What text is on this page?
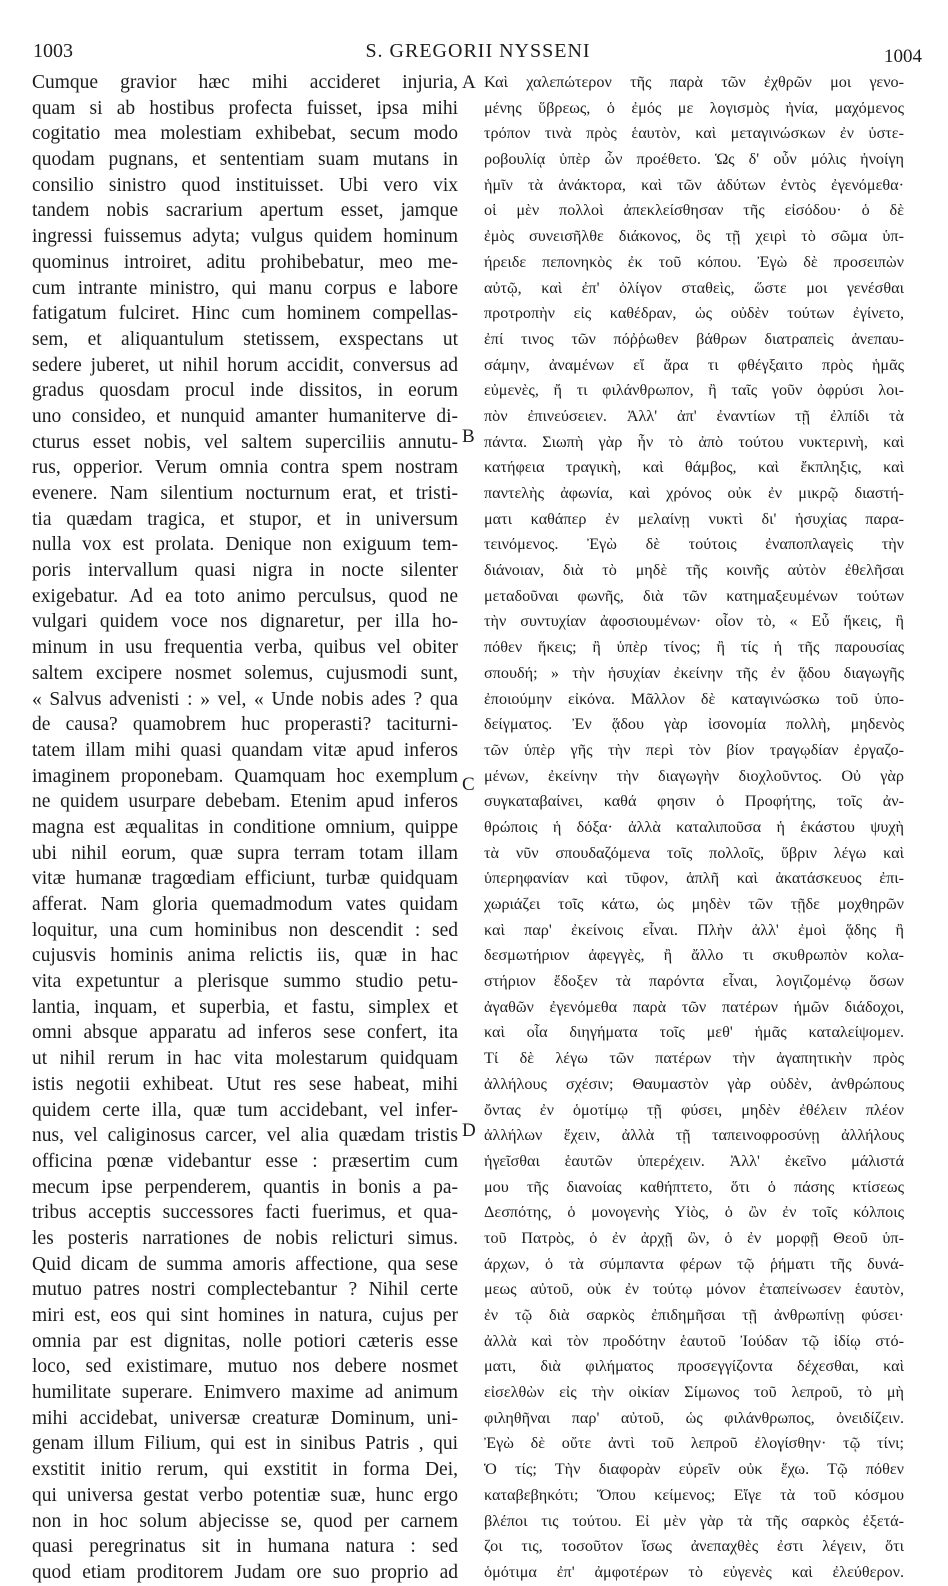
1003	S. GREGORII NYSSENI	1004
Cumque gravior hæc mihi accideret injuria,
quam si ab hostibus profecta fuisset, ipsa mihi
cogitatio mea molestiam exhibebat, secum modo
quodam pugnans, et sententiam suam mutans in
consilio sinistro quod instituisset. Ubi vero vix
tandem nobis sacrarium apertum esset, jamque
ingressi fuissemus adyta; vulgus quidem hominum
quominus introiret, aditu prohibebatur, meo me-
cum intrante ministro, qui manu corpus e labore
fatigatum fulciret. Hinc cum hominem compellas-
sem, et aliquantulum stetissem, exspectans ut
sedere juberet, ut nihil horum accidit, conversus ad
gradus quosdam procul inde dissitos, in eorum
uno consideo, et nunquid amanter humaniterve di-
cturus esset nobis, vel saltem superciliis annutu-
rus, opperior. Verum omnia contra spem nostram
evenere. Nam silentium nocturnum erat, et tristi-
tia quædam tragica, et stupor, et in universum
nulla vox est prolata. Denique non exiguum tem-
poris intervallum quasi nigra in nocte silenter
exigebatur. Ad ea toto animo perculsus, quod ne
vulgari quidem voce nos dignaretur, per illa ho-
minum in usu frequentia verba, quibus vel obiter
saltem excipere nosmet solemus, cujusmodi sunt,
« Salvus advenisti : » vel, « Unde nobis ades ? qua
de causa? quamobrem huc properasti? taciturni-
tatem illam mihi quasi quandam vitæ apud inferos
imaginem proponebam. Quamquam hoc exemplum
ne quidem usurpare debebam. Etenim apud inferos
magna est æqualitas in conditione omnium, quippe
ubi nihil eorum, quæ supra terram totam illam
vitæ humanæ tragœdiam efficiunt, turbæ quidquam
afferat. Nam gloria quemadmodum vates quidam
loquitur, una cum hominibus non descendit : sed
cujusvis hominis anima relictis iis, quæ in hac
vita expetuntur a plerisque summo studio petu-
lantia, inquam, et superbia, et fastu, simplex et
omni absque apparatu ad inferos sese confert, ita
ut nihil rerum in hac vita molestarum quidquam
istis negotii exhibeat. Utut res sese habeat, mihi
quidem certe illa, quæ tum accidebant, vel infer-
nus, vel caliginosus carcer, vel alia quædam tristis
officina pœnæ videbantur esse : præsertim cum
mecum ipse perpenderem, quantis in bonis a pa-
tribus acceptis successores facti fuerimus, et qua-
les posteris narrationes de nobis relicturi simus.
Quid dicam de summa amoris affectione, qua sese
mutuo patres nostri complectebantur ? Nihil certe
miri est, eos qui sint homines in natura, cujus per
omnia par est dignitas, nolle potiori cæteris esse
loco, sed existimare, mutuo nos debere nosmet
humilitate superare. Enimvero maxime ad animum
mihi accidebat, universæ creaturæ Dominum, uni-
genam illum Filium, qui est in sinibus Patris , qui
exstitit initio rerum, qui exstitit in forma Dei,
qui universa gestat verbo potentiæ suæ, hunc ergo
non in hoc solum abjecisse se, quod per carnem
quasi peregrinatus sit in humana natura : sed
quod etiam proditorem Judam ore suo proprio ad
Καὶ χαλεπώτερον τῆς παρὰ τῶν ἐχθρῶν μοι γενο-
μένης ὕβρεως, ὁ ἐμός με λογισμὸς ἠνία, μαχόμενος
τρόπον τινὰ πρὸς ἑαυτὸν, καὶ μεταγινώσκων ἐν ὑστε-
ροβουλίᾳ ὑπὲρ ὧν προέθετο. Ὡς δ' οὖν μόλις ἠνοίγη
ἡμῖν τὰ ἀνάκτορα, καὶ τῶν ἀδύτων ἐντὸς ἐγενόμεθα·
οἱ μὲν πολλοὶ ἀπεκλείσθησαν τῆς εἰσόδου· ὁ δὲ
ἐμὸς συνεισῆλθε διάκονος, ὃς τῇ χειρὶ τὸ σῶμα ὑπ-
ήρειδε πεπονηκὸς ἐκ τοῦ κόπου. Ἐγὼ δὲ προσειπὼν
αὐτῷ, καὶ ἐπ' ὀλίγον σταθεὶς, ὥστε μοι γενέσθαι
προτροπὴν εἰς καθέδραν, ὡς οὐδὲν τούτων ἐγίνετο,
ἐπί τινος τῶν πόῤῥωθεν βάθρων διατραπεὶς ἀνεπαυ-
σάμην, ἀναμένων εἴ ἄρα τι φθέγξαιτο πρὸς ἡμᾶς
εὐμενὲς, ἤ τι φιλάνθρωπον, ἢ ταῖς γοῦν ὀφρύσι λοι-
πὸν ἐπινεύσειεν. Ἀλλ' ἀπ' ἐναντίων τῇ ἐλπίδι τὰ
πάντα. Σιωπὴ γὰρ ἦν τὸ ἀπὸ τούτου νυκτερινὴ, καὶ
κατήφεια τραγικὴ, καὶ θάμβος, καὶ ἔκπληξις, καὶ
παντελὴς ἀφωνία, καὶ χρόνος οὐκ ἐν μικρῷ διαστή-
ματι καθάπερ ἐν μελαίνῃ νυκτὶ δι' ἡσυχίας παρα-
τεινόμενος. Ἐγὼ δὲ τούτοις ἐναποπλαγεὶς τὴν
διάνοιαν, διὰ τὸ μηδὲ τῆς κοινῆς αὐτὸν ἐθελῆσαι
μεταδοῦναι φωνῆς, διὰ τῶν κατημαξευμένων τούτων
τὴν συντυχίαν ἀφοσιουμένων· οἷον τὸ, « Εὖ ἥκεις, ἢ
πόθεν ἥκεις; ἢ ὑπὲρ τίνος; ἢ τίς ἡ τῆς παρουσίας
σπουδή; » τὴν ἡσυχίαν ἐκείνην τῆς ἐν ᾅδου διαγωγῆς
ἐποιούμην εἰκόνα. Μᾶλλον δὲ καταγινώσκω τοῦ ὑπο-
δείγματος. Ἐν ᾅδου γὰρ ἰσονομία πολλὴ, μηδενὸς
τῶν ὑπὲρ γῆς τὴν περὶ τὸν βίον τραγῳδίαν ἐργαζο-
μένων, ἐκείνην τὴν διαγωγὴν διοχλοῦντος. Οὐ γὰρ
συγκαταβαίνει, καθά φησιν ὁ Προφήτης, τοῖς ἀν-
θρώποις ἡ δόξα· ἀλλὰ καταλιποῦσα ἡ ἑκάστου ψυχὴ
τὰ νῦν σπουδαζόμενα τοῖς πολλοῖς, ὕβριν λέγω καὶ
ὑπερηφανίαν καὶ τῦφον, ἁπλῆ καὶ ἀκατάσκευος ἐπι-
χωριάζει τοῖς κάτω, ὡς μηδὲν τῶν τῇδε μοχθηρῶν
καὶ παρ' ἐκείνοις εἶναι. Πλὴν ἀλλ' ἐμοὶ ᾅδης ἢ
δεσμωτήριον ἀφεγγὲς, ἢ ἄλλο τι σκυθρωπὸν κολα-
στήριον ἔδοξεν τὰ παρόντα εἶναι, λογιζομένῳ ὅσων
ἀγαθῶν ἐγενόμεθα παρὰ τῶν πατέρων ἡμῶν διάδοχοι,
καὶ οἷα διηγήματα τοῖς μεθ' ἡμᾶς καταλείψομεν.
Τί δὲ λέγω τῶν πατέρων τὴν ἀγαπητικὴν πρὸς
ἀλλήλους σχέσιν; Θαυμαστὸν γὰρ οὐδὲν, ἀνθρώπους
ὄντας ἐν ὁμοτίμῳ τῇ φύσει, μηδὲν ἐθέλειν πλέον
ἀλλήλων ἔχειν, ἀλλὰ τῇ ταπεινοφροσύνῃ ἀλλήλους
ἡγεῖσθαι ἑαυτῶν ὑπερέχειν. Ἀλλ' ἐκεῖνο μάλιστά
μου τῆς διανοίας καθήπτετο, ὅτι ὁ πάσης κτίσεως
Δεσπότης, ὁ μονογενὴς Υἱὸς, ὁ ὢν ἐν τοῖς κόλποις
τοῦ Πατρὸς, ὁ ἐν ἀρχῇ ὢν, ὁ ἐν μορφῇ Θεοῦ ὑπ-
άρχων, ὁ τὰ σύμπαντα φέρων τῷ ῥήματι τῆς δυνά-
μεως αὐτοῦ, οὐκ ἐν τούτῳ μόνον ἐταπείνωσεν ἑαυτὸν,
ἐν τῷ διὰ σαρκὸς ἐπιδημῆσαι τῇ ἀνθρωπίνῃ φύσει·
ἀλλὰ καὶ τὸν προδότην ἑαυτοῦ Ἰούδαν τῷ ἰδίῳ στό-
ματι, διὰ φιλήματος προσεγγίζοντα δέχεσθαι, καὶ
εἰσελθὼν εἰς τὴν οἰκίαν Σίμωνος τοῦ λεπροῦ, τὸ μὴ
φιληθῆναι παρ' αὐτοῦ, ὡς φιλάνθρωπος, ὀνειδίζειν.
Ἐγὼ δὲ οὔτε ἀντὶ τοῦ λεπροῦ ἐλογίσθην· τῷ τίνι;
Ὁ τίς; Τὴν διαφορὰν εὑρεῖν οὐκ ἔχω. Τῷ πόθεν
καταβεβηκότι; Ὅπου κείμενος; Εἴγε τὰ τοῦ κόσμου
βλέποι τις τούτου. Εἰ μὲν γὰρ τὰ τῆς σαρκὸς ἐξετά-
ζοι τις, τοσοῦτον ἴσως ἀνεπαχθὲς ἐστι λέγειν, ὅτι
ὁμότιμα ἐπ' ἀμφοτέρων τὸ εὐγενὲς καὶ ἐλεύθερον.
A
B
C
D
